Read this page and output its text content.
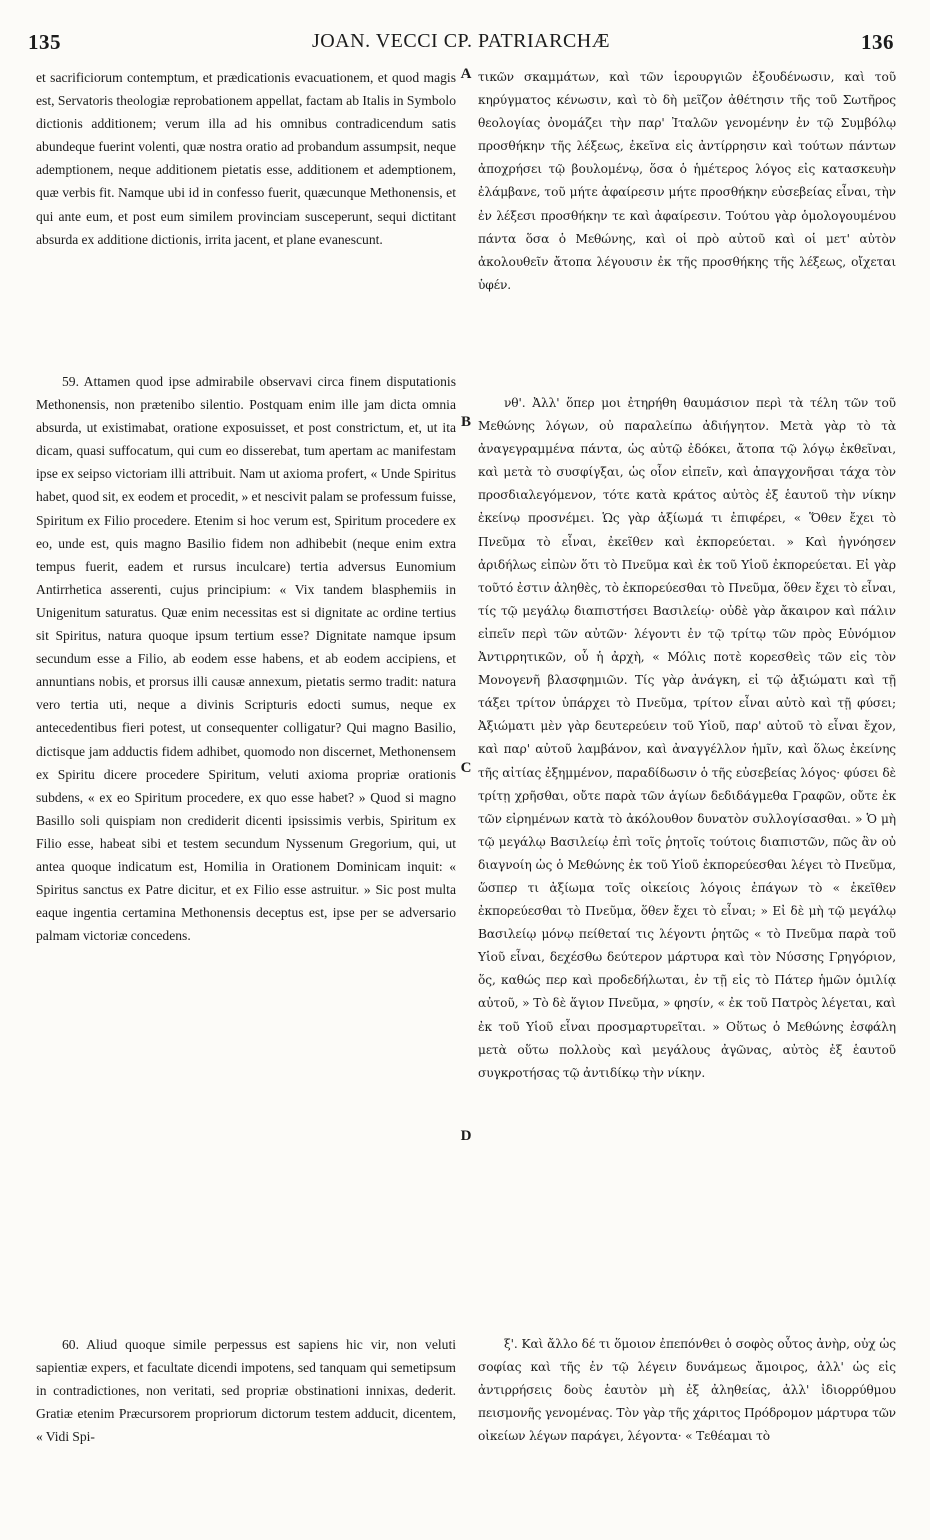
JOAN. VECCI CP. PATRIARCHÆ
135	136

et sacrificiorum contemptum, et prædicationis evacuationem, et quod magis est, Servatoris theologiæ reprobationem appellat, factam ab Italis in Symbolo dictionis additionem; verum illa ad his omnibus contradicendum satis abundeque fuerint volenti, quæ nostra oratio ad probandum assumpsit, neque ademptionem, neque additionem pietatis esse, additionem et ademptionem, quæ verbis fit. Namque ubi id in confesso fuerit, quæcunque Methonensis, et qui ante eum, et post eum similem provinciam susceperunt, sequi dictitant absurda ex additione dictionis, irrita jacent, et plane evanescunt.

59. Attamen quod ipse admirabile observavi circa finem disputationis Methonensis, non prætenibo silentio. Postquam enim ille jam dicta omnia absurda, ut existimabat, oratione exposuisset, et post constrictum, et, ut ita dicam, quasi suffocatum, qui cum eo disserebat, tum apertam ac manifestam ipse ex seipso victoriam illi attribuit. Nam ut axioma profert, « Unde Spiritus habet, quod sit, ex eodem et procedit, » et nescivit palam se professum fuisse, Spiritum ex Filio procedere. Etenim si hoc verum est, Spiritum procedere ex eo, unde est, quis magno Basilio fidem non adhibebit (neque enim extra tempus fuerit, eadem et rursus inculcare) tertia adversus Eunomium Antirrhetica asserenti, cujus principium: « Vix tandem blasphemiis in Unigenitum saturatus. Quæ enim necessitas est si dignitate ac ordine tertius sit Spiritus, natura quoque ipsum tertium esse? Dignitate namque ipsum secundum esse a Filio, ab eodem esse habens, et ab eodem accipiens, et annuntians nobis, et prorsus illi causæ annexum, pietatis sermo tradit: natura vero tertia uti, neque a divinis Scripturis edocti sumus, neque ex antecedentibus fieri potest, ut consequenter colligatur? Qui magno Basilio, dictisque jam adductis fidem adhibet, quomodo non discernet, Methonensem ex Spiritu dicere procedere Spiritum, veluti axioma propriæ orationis subdens, « ex eo Spiritum procedere, ex quo esse habet? » Quod si magno Basillo soli quispiam non crediderit dicenti ipsissimis verbis, Spiritum ex Filio esse, habeat sibi et testem secundum Nyssenum Gregorium, qui, ut antea quoque indicatum est, Homilia in Orationem Dominicam inquit: « Spiritus sanctus ex Patre dicitur, et ex Filio esse astruitur. » Sic post multa eaque ingentia certamina Methonensis deceptus est, ipse per se adversario palmam victoriæ concedens.

60. Aliud quoque simile perpessus est sapiens hic vir, non veluti sapientiæ expers, et facultate dicendi impotens, sed tanquam qui semetipsum in contradictiones, non veritati, sed propriæ obstinationi innixas, dederit. Gratiæ etenim Præcursorem propriorum dictorum testem adducit, dicentem, « Vidi Spi-

A
B
C
D

τικῶν σκαμμάτων, καὶ τῶν ἱερουργιῶν ἐξουδένωσιν, καὶ τοῦ κηρύγματος κένωσιν, καὶ τὸ δὴ μεῖζον ἀθέτησιν τῆς τοῦ Σωτῆρος θεολογίας ὀνομάζει τὴν παρ' Ἰταλῶν γενομένην ἐν τῷ Συμβόλῳ προσθήκην τῆς λέξεως, ἐκεῖνα εἰς ἀντίρρησιν καὶ τούτων πάντων ἀποχρήσει τῷ βουλομένῳ, ὅσα ὁ ἡμέτερος λόγος εἰς κατασκευὴν ἐλάμβανε, τοῦ μήτε ἀφαίρεσιν μήτε προσθήκην εὐσεβείας εἶναι, τὴν ἐν λέξεσι προσθήκην τε καὶ ἀφαίρεσιν. Τούτου γὰρ ὁμολογουμένου πάντα ὅσα ὁ Μεθώνης, καὶ οἱ πρὸ αὐτοῦ καὶ οἱ μετ' αὐτὸν ἀκολουθεῖν ἄτοπα λέγουσιν ἐκ τῆς προσθήκης τῆς λέξεως, οἴχεται ὑφέν.

νθ'. Ἀλλ' ὅπερ μοι ἐτηρήθη θαυμάσιον περὶ τὰ τέλη τῶν τοῦ Μεθώνης λόγων, οὐ παραλείπω ἀδιήγητον. Μετὰ γὰρ τὸ τὰ ἀναγεγραμμένα πάντα, ὡς αὐτῷ ἐδόκει, ἄτοπα τῷ λόγῳ ἐκθεῖναι, καὶ μετὰ τὸ συσφίγξαι, ὡς οἷον εἰπεῖν, καὶ ἀπαγχονῆσαι τάχα τὸν προσδιαλεγόμενον, τότε κατὰ κράτος αὐτὸς ἐξ ἑαυτοῦ τὴν νίκην ἐκείνῳ προσνέμει. Ὡς γὰρ ἀξίωμά τι ἐπιφέρει, « Ὅθεν ἔχει τὸ Πνεῦμα τὸ εἶναι, ἐκεῖθεν καὶ ἐκπορεύεται. » Καὶ ἠγνόησεν ἀριδήλως εἰπὼν ὅτι τὸ Πνεῦμα καὶ ἐκ τοῦ Υἱοῦ ἐκπορεύεται. Εἰ γὰρ τοῦτό ἐστιν ἀληθὲς, τὸ ἐκπορεύεσθαι τὸ Πνεῦμα, ὅθεν ἔχει τὸ εἶναι, τίς τῷ μεγάλῳ διαπιστήσει Βασιλείῳ· οὐδὲ γὰρ ἄκαιρον καὶ πάλιν εἰπεῖν περὶ τῶν αὐτῶν· λέγοντι ἐν τῷ τρίτῳ τῶν πρὸς Εὐνόμιον Ἀντιρρητικῶν, οὗ ἡ ἀρχὴ, « Μόλις ποτὲ κορεσθεὶς τῶν εἰς τὸν Μονογενῆ βλασφημιῶν. Τίς γὰρ ἀνάγκη, εἰ τῷ ἀξιώματι καὶ τῇ τάξει τρίτον ὑπάρχει τὸ Πνεῦμα, τρίτον εἶναι αὐτὸ καὶ τῇ φύσει; Ἀξιώματι μὲν γὰρ δευτερεύειν τοῦ Υἱοῦ, παρ' αὐτοῦ τὸ εἶναι ἔχον, καὶ παρ' αὐτοῦ λαμβάνον, καὶ ἀναγγέλλον ἡμῖν, καὶ ὅλως ἐκείνης τῆς αἰτίας ἐξημμένον, παραδίδωσιν ὁ τῆς εὐσεβείας λόγος· φύσει δὲ τρίτῃ χρῆσθαι, οὔτε παρὰ τῶν ἁγίων δεδιδάγμεθα Γραφῶν, οὔτε ἐκ τῶν εἰρημένων κατὰ τὸ ἀκόλουθον δυνατὸν συλλογίσασθαι. » Ὁ μὴ τῷ μεγάλῳ Βασιλείῳ ἐπὶ τοῖς ῥητοῖς τούτοις διαπιστῶν, πῶς ἂν οὐ διαγνοίη ὡς ὁ Μεθώνης ἐκ τοῦ Υἱοῦ ἐκπορεύεσθαι λέγει τὸ Πνεῦμα, ὥσπερ τι ἀξίωμα τοῖς οἰκείοις λόγοις ἐπάγων τὸ « ἐκεῖθεν ἐκπορεύεσθαι τὸ Πνεῦμα, ὅθεν ἔχει τὸ εἶναι; » Εἰ δὲ μὴ τῷ μεγάλῳ Βασιλείῳ μόνῳ πείθεταί τις λέγοντι ῥητῶς « τὸ Πνεῦμα παρὰ τοῦ Υἱοῦ εἶναι, δεχέσθω δεύτερον μάρτυρα καὶ τὸν Νύσσης Γρηγόριον, ὅς, καθώς περ καὶ προδεδήλωται, ἐν τῇ εἰς τὸ Πάτερ ἡμῶν ὁμιλίᾳ αὐτοῦ, » Τὸ δὲ ἅγιον Πνεῦμα, » φησίν, « ἐκ τοῦ Πατρὸς λέγεται, καὶ ἐκ τοῦ Υἱοῦ εἶναι προσμαρτυρεῖται. » Οὕτως ὁ Μεθώνης ἐσφάλη μετὰ οὕτω πολλοὺς καὶ μεγάλους ἀγῶνας, αὐτὸς ἐξ ἑαυτοῦ συγκροτήσας τῷ ἀντιδίκῳ τὴν νίκην.

ξ'. Καὶ ἄλλο δέ τι ὅμοιον ἐπεπόνθει ὁ σοφὸς οὗτος ἀνὴρ, οὐχ ὡς σοφίας καὶ τῆς ἐν τῷ λέγειν δυνάμεως ἄμοιρος, ἀλλ' ὡς εἰς ἀντιρρήσεις δοὺς ἑαυτὸν μὴ ἐξ ἀληθείας, ἀλλ' ἰδιορρύθμου πεισμονῆς γενομένας. Τὸν γὰρ τῆς χάριτος Πρόδρομον μάρτυρα τῶν οἰκείων λέγων παράγει, λέγοντα· « Τεθέαμαι τὸ
